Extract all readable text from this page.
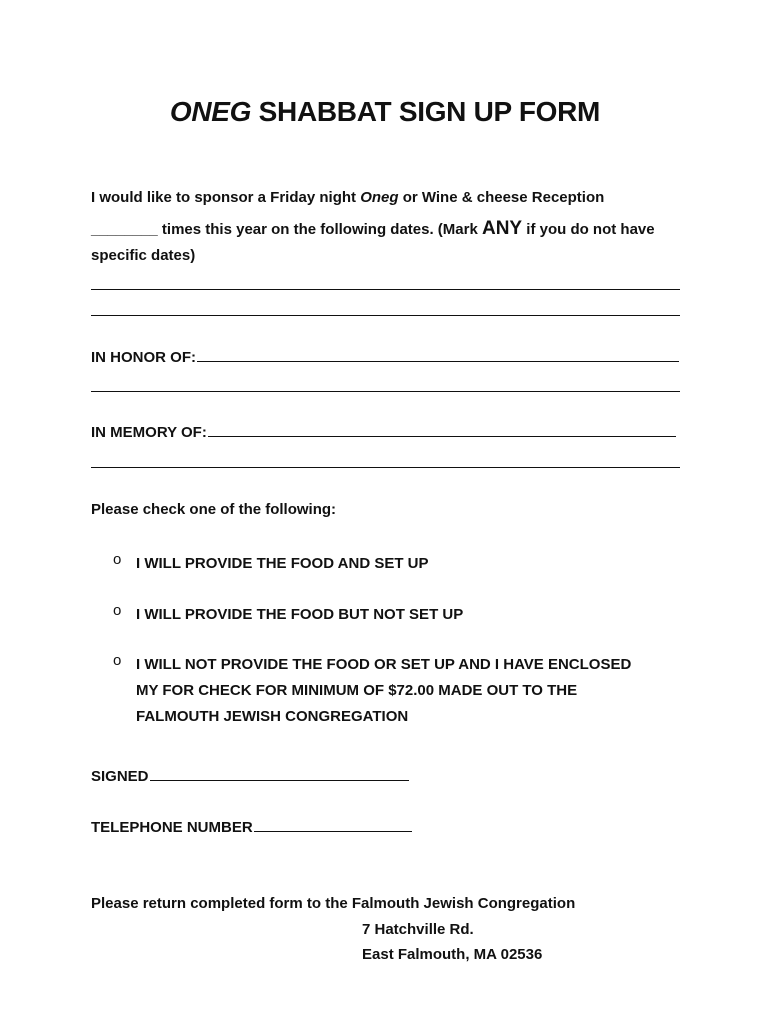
ONEG SHABBAT SIGN UP FORM
I would like to sponsor a Friday night Oneg or Wine & cheese Reception
________ times this year on the following dates. (Mark ANY if you do not have
specific dates)
IN HONOR OF:
IN MEMORY OF:
Please check one of the following:
o I WILL PROVIDE THE FOOD AND SET UP
o I WILL PROVIDE THE FOOD BUT NOT SET UP
o I WILL NOT PROVIDE THE FOOD OR SET UP AND I HAVE ENCLOSED MY FOR CHECK FOR MINIMUM OF $72.00 MADE OUT TO THE FALMOUTH JEWISH CONGREGATION
SIGNED
TELEPHONE NUMBER
Please return completed form to the Falmouth Jewish Congregation
7 Hatchville Rd.
East Falmouth, MA 02536
